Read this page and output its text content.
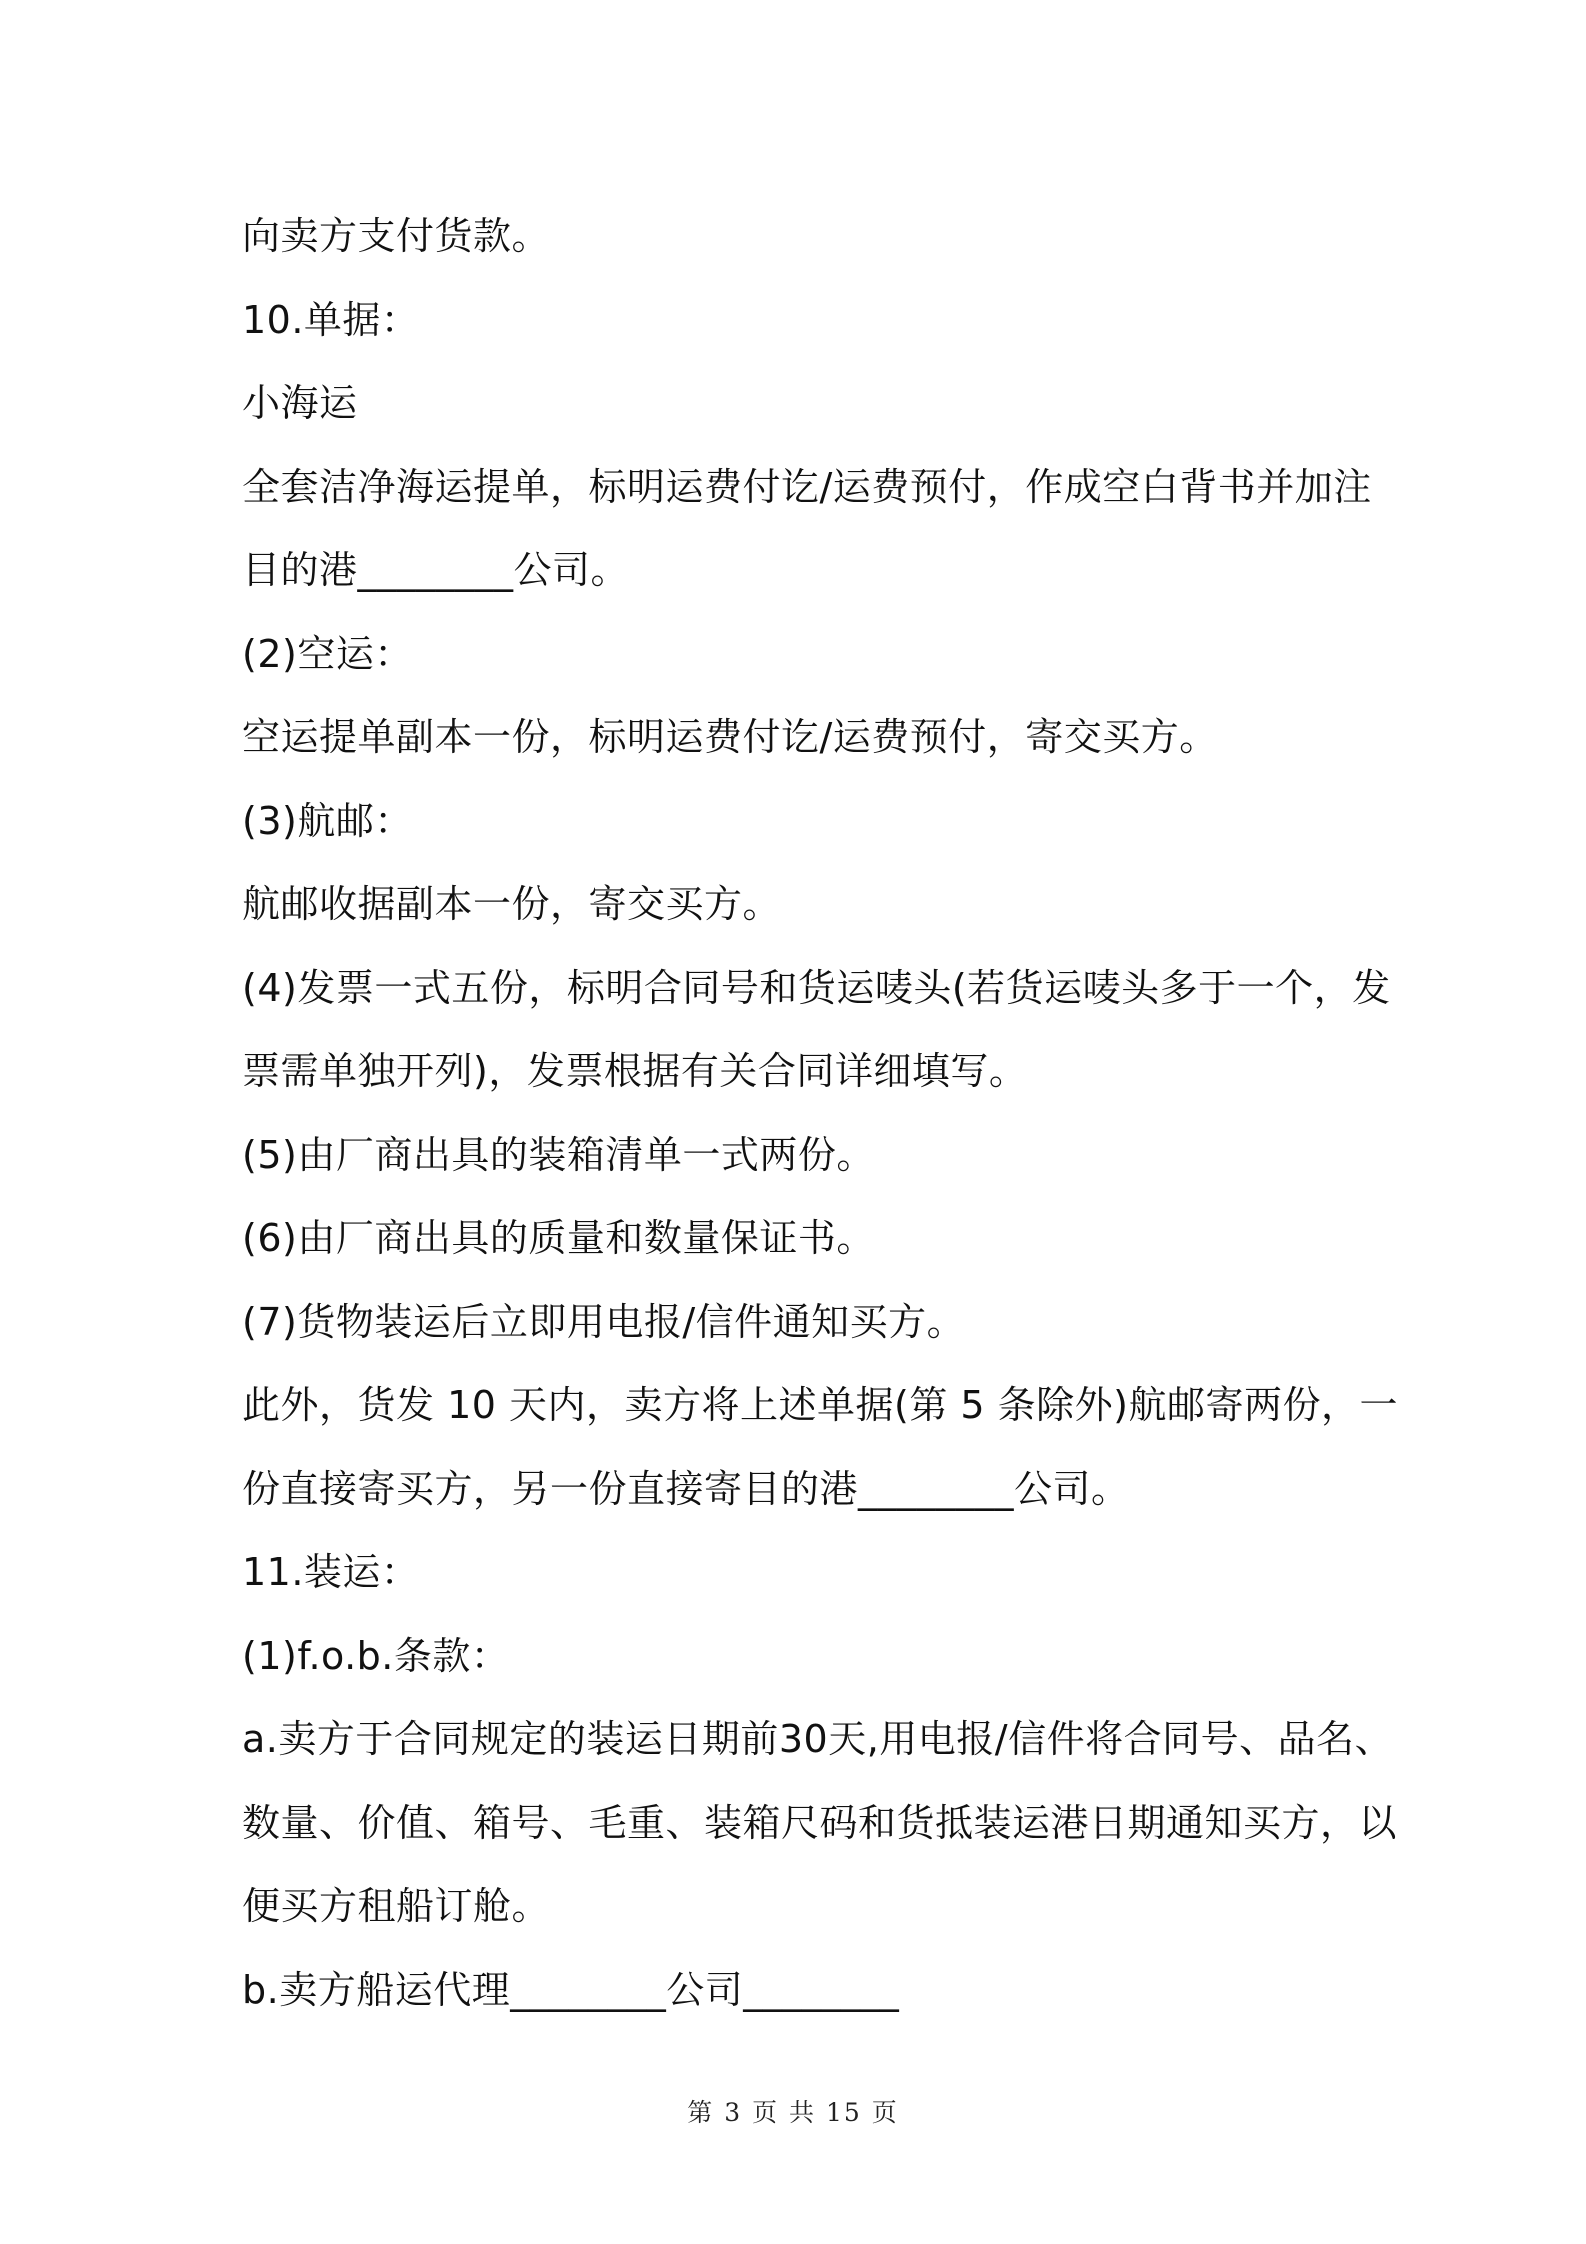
向卖方支付货款。
10.单据：
小海运
全套洁净海运提单，标明运费付讫/运费预付，作成空白背书并加注
目的港________公司。
(2)空运：
空运提单副本一份，标明运费付讫/运费预付，寄交买方。
(3)航邮：
航邮收据副本一份，寄交买方。
(4)发票一式五份，标明合同号和货运唛头(若货运唛头多于一个，发
票需单独开列)，发票根据有关合同详细填写。
(5)由厂商出具的装箱清单一式两份。
(6)由厂商出具的质量和数量保证书。
(7)货物装运后立即用电报/信件通知买方。
此外，货发 10 天内，卖方将上述单据(第 5 条除外)航邮寄两份，一
份直接寄买方，另一份直接寄目的港________公司。
11.装运：
(1)f.o.b.条款：
a.卖方于合同规定的装运日期前30天,用电报/信件将合同号、品名、
数量、价值、箱号、毛重、装箱尺码和货抵装运港日期通知买方，以
便买方租船订舱。
b.卖方船运代理________公司________
第 3 页 共 15 页
